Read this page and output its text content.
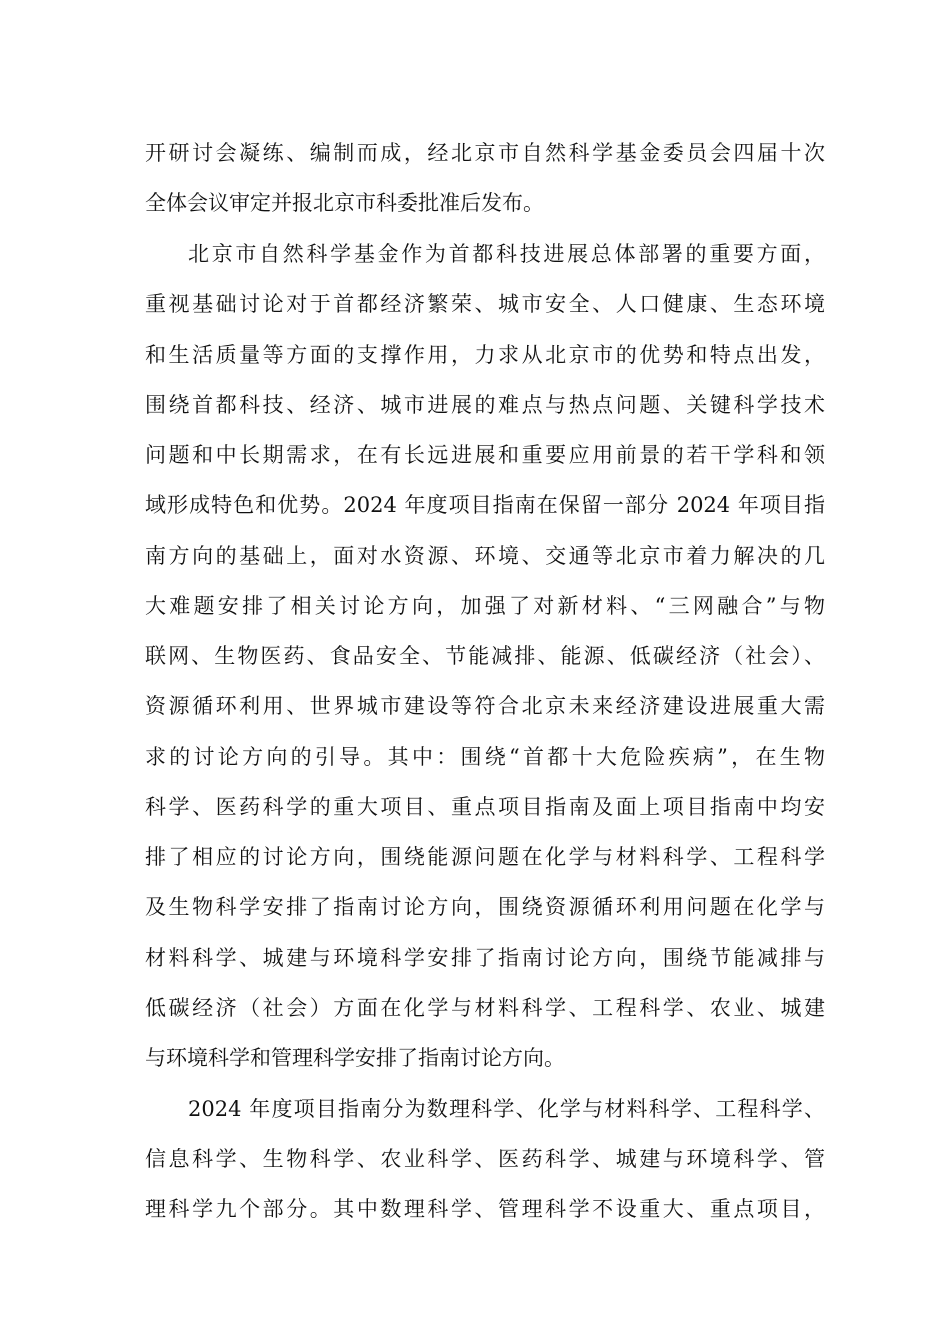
开研讨会凝练、编制而成，经北京市自然科学基金委员会四届十次
全体会议审定并报北京市科委批准后发布。
北京市自然科学基金作为首都科技进展总体部署的重要方面，
重视基础讨论对于首都经济繁荣、城市安全、人口健康、生态环境
和生活质量等方面的支撑作用，力求从北京市的优势和特点出发，
围绕首都科技、经济、城市进展的难点与热点问题、关键科学技术
问题和中长期需求，在有长远进展和重要应用前景的若干学科和领
域形成特色和优势。2024 年度项目指南在保留一部分 2024 年项目指
南方向的基础上，面对水资源、环境、交通等北京市着力解决的几
大难题安排了相关讨论方向，加强了对新材料、“三网融合”与物
联网、生物医药、食品安全、节能减排、能源、低碳经济（社会）、
资源循环利用、世界城市建设等符合北京未来经济建设进展重大需
求的讨论方向的引导。其中：围绕“首都十大危险疾病”，在生物
科学、医药科学的重大项目、重点项目指南及面上项目指南中均安
排了相应的讨论方向，围绕能源问题在化学与材料科学、工程科学
及生物科学安排了指南讨论方向，围绕资源循环利用问题在化学与
材料科学、城建与环境科学安排了指南讨论方向，围绕节能减排与
低碳经济（社会）方面在化学与材料科学、工程科学、农业、城建
与环境科学和管理科学安排了指南讨论方向。
2024 年度项目指南分为数理科学、化学与材料科学、工程科学、
信息科学、生物科学、农业科学、医药科学、城建与环境科学、管
理科学九个部分。其中数理科学、管理科学不设重大、重点项目，
